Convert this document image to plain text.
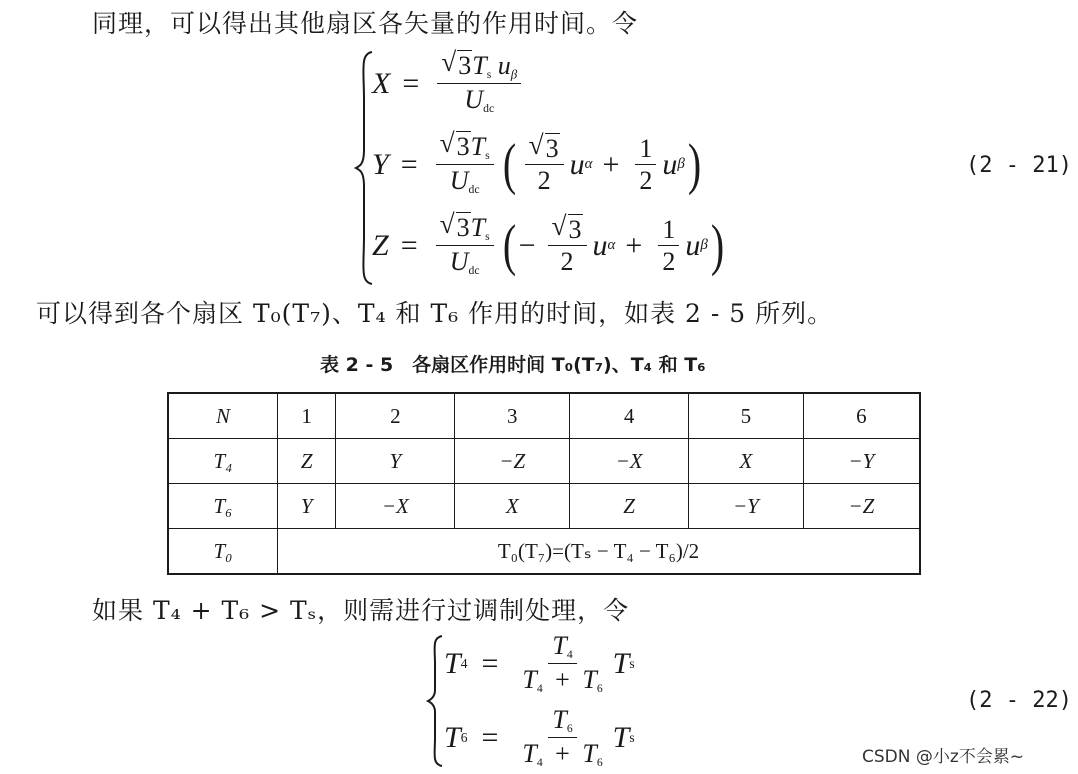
同理，可以得出其他扇区各矢量的作用时间。令
$X = \frac{√ 3T_s u\beta}{U_{dc}}$
$Y = \frac{√ 3T_s}{U_{dc}}$ ( $\frac{√ 3}{2}$ u $\alpha + \frac{1}{2}$ u β )
$Z = \frac{√ 3T_s}{U_{dc}}$ ( − $\frac{√ 3}{2}$ u $\alpha + \frac{1}{2}$ u β )
(2 - 21)
可以得到各个扇区 T₀(T₇)、T₄ 和 T₆ 作用的时间，如表 2 - 5 所列。
表 2 - 5　各扇区作用时间 T₀(T₇)、T₄ 和 T₆
N	1	2	3	4	5	6
T₄	Z	Y	−Z	−X	X	−Y
T₆	Y	−X	X	Z	−Y	−Z
T₀	T₀(T₇)=(Tₛ − T₄ − T₆)/2					
如果 T₄ + T₆ > Tₛ，则需进行过调制处理，令
T $4 = \frac{T_4}{T_4 + T_6}$ T s
T $6 = \frac{T_6}{T_4 + T_6}$ T s
(2 - 22)
CSDN @小z不会累~
